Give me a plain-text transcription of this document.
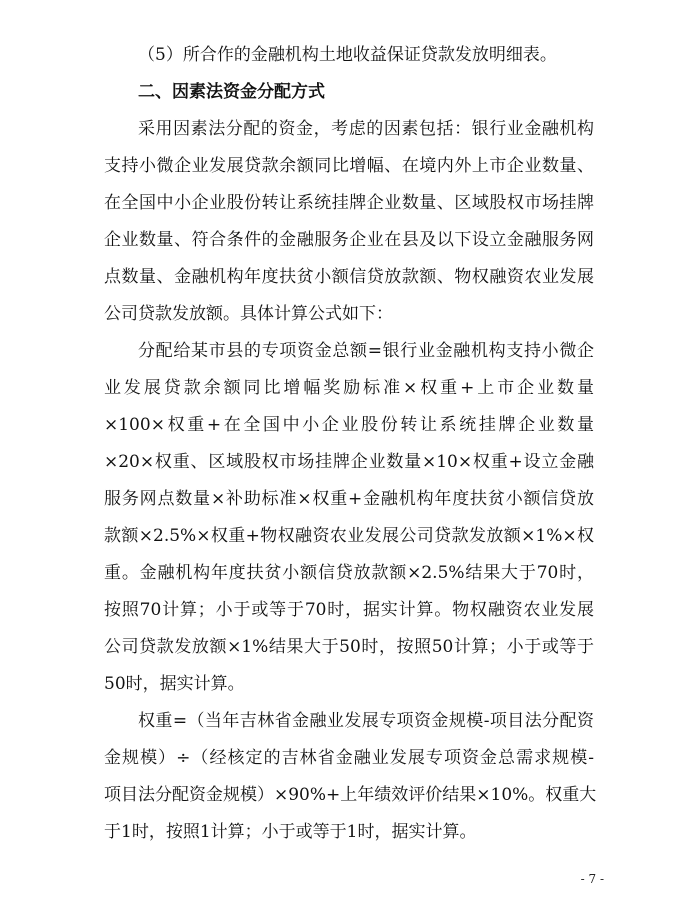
（5）所合作的金融机构土地收益保证贷款发放明细表。
二、因素法资金分配方式
采用因素法分配的资金，考虑的因素包括：银行业金融机构
支持小微企业发展贷款余额同比增幅、在境内外上市企业数量、
在全国中小企业股份转让系统挂牌企业数量、区域股权市场挂牌
企业数量、符合条件的金融服务企业在县及以下设立金融服务网
点数量、金融机构年度扶贫小额信贷放款额、物权融资农业发展
公司贷款发放额。具体计算公式如下：
分配给某市县的专项资金总额=银行业金融机构支持小微企
业发展贷款余额同比增幅奖励标准×权重+上市企业数量
×100×权重+在全国中小企业股份转让系统挂牌企业数量
×20×权重、区域股权市场挂牌企业数量×10×权重+设立金融
服务网点数量×补助标准×权重+金融机构年度扶贫小额信贷放
款额×2.5%×权重+物权融资农业发展公司贷款发放额×1%×权
重。金融机构年度扶贫小额信贷放款额×2.5%结果大于70时，
按照70计算；小于或等于70时，据实计算。物权融资农业发展
公司贷款发放额×1%结果大于50时，按照50计算；小于或等于
50时，据实计算。
权重=（当年吉林省金融业发展专项资金规模-项目法分配资
金规模）÷（经核定的吉林省金融业发展专项资金总需求规模-
项目法分配资金规模）×90%+上年绩效评价结果×10%。权重大
于1时，按照1计算；小于或等于1时，据实计算。
- 7 -
